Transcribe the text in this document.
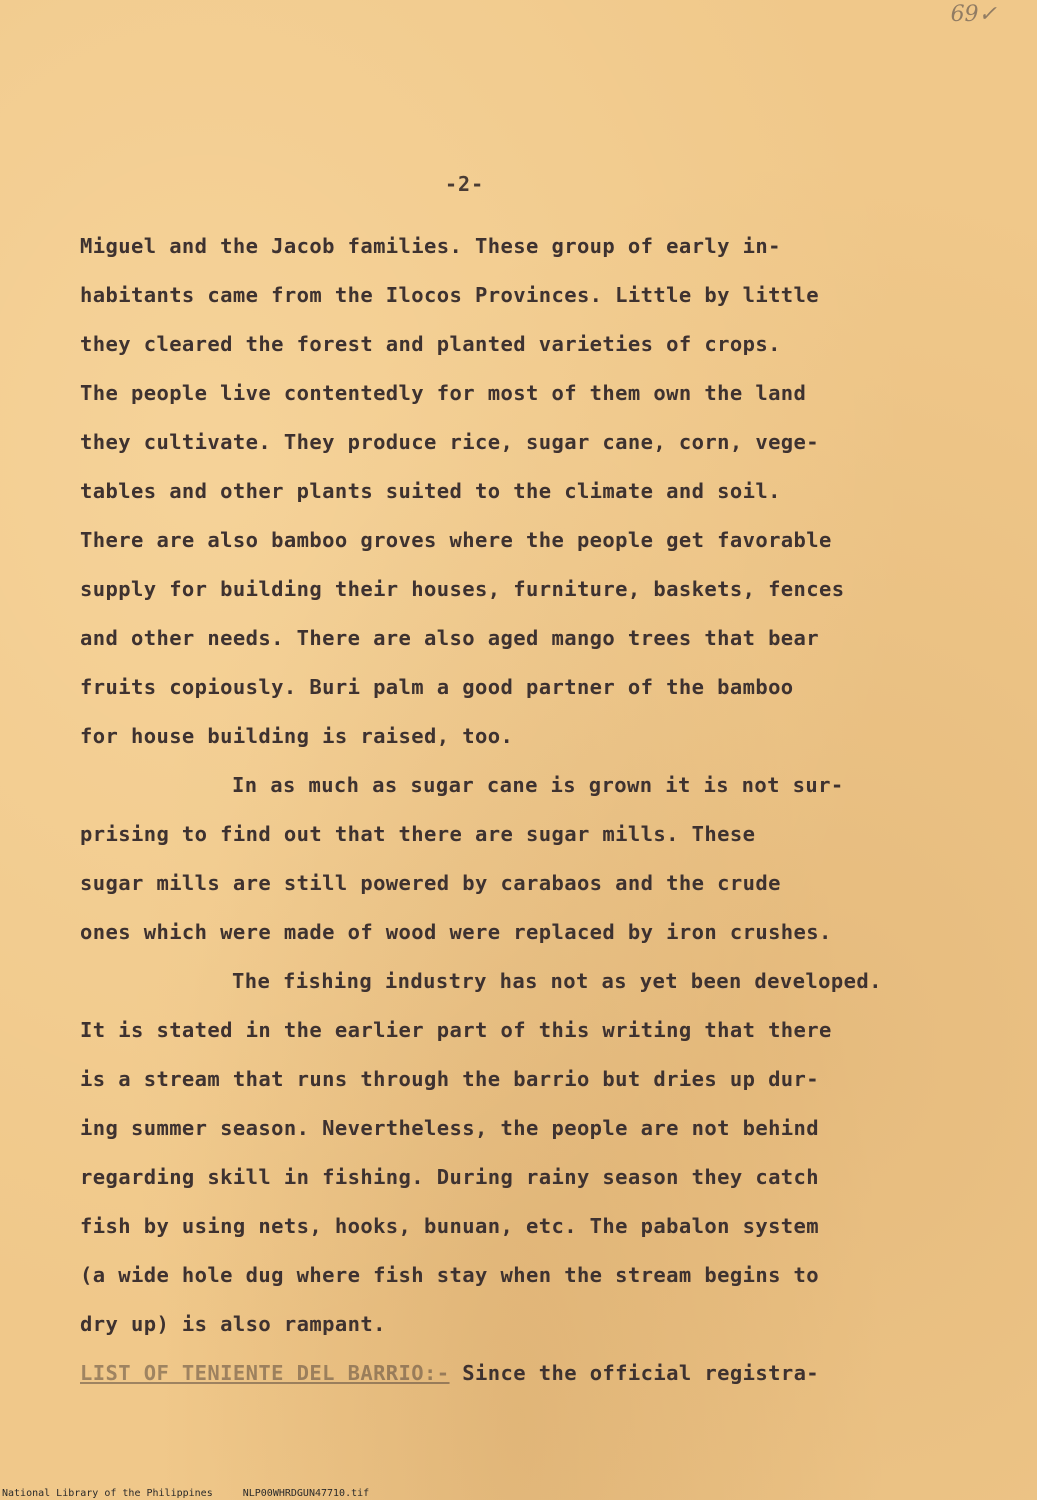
69✓
-2-
Miguel and the Jacob families. These group of early in-
habitants came from the Ilocos Provinces. Little by little
they cleared the forest and planted varieties of crops.
The people live contentedly for most of them own the land
they cultivate. They produce rice, sugar cane, corn, vege-
tables and other plants suited to the climate and soil.
There are also bamboo groves where the people get favorable
supply for building their houses, furniture, baskets, fences
and other needs. There are also aged mango trees that bear
fruits copiously. Buri palm a good partner of the bamboo
for house building is raised, too.
In as much as sugar cane is grown it is not sur-
prising to find out that there are sugar mills. These
sugar mills are still powered by carabaos and the crude
ones which were made of wood were replaced by iron crushes.
The fishing industry has not as yet been developed.
It is stated in the earlier part of this writing that there
is a stream that runs through the barrio but dries up dur-
ing summer season. Nevertheless, the people are not behind
regarding skill in fishing. During rainy season they catch
fish by using nets, hooks, bunuan, etc. The pabalon system
(a wide hole dug where fish stay when the stream begins to
dry up) is also rampant.
LIST OF TENIENTE DEL BARRIO:- Since the official registra-
National Library of the Philippines	NLP00WHRDGUN47710.tif
